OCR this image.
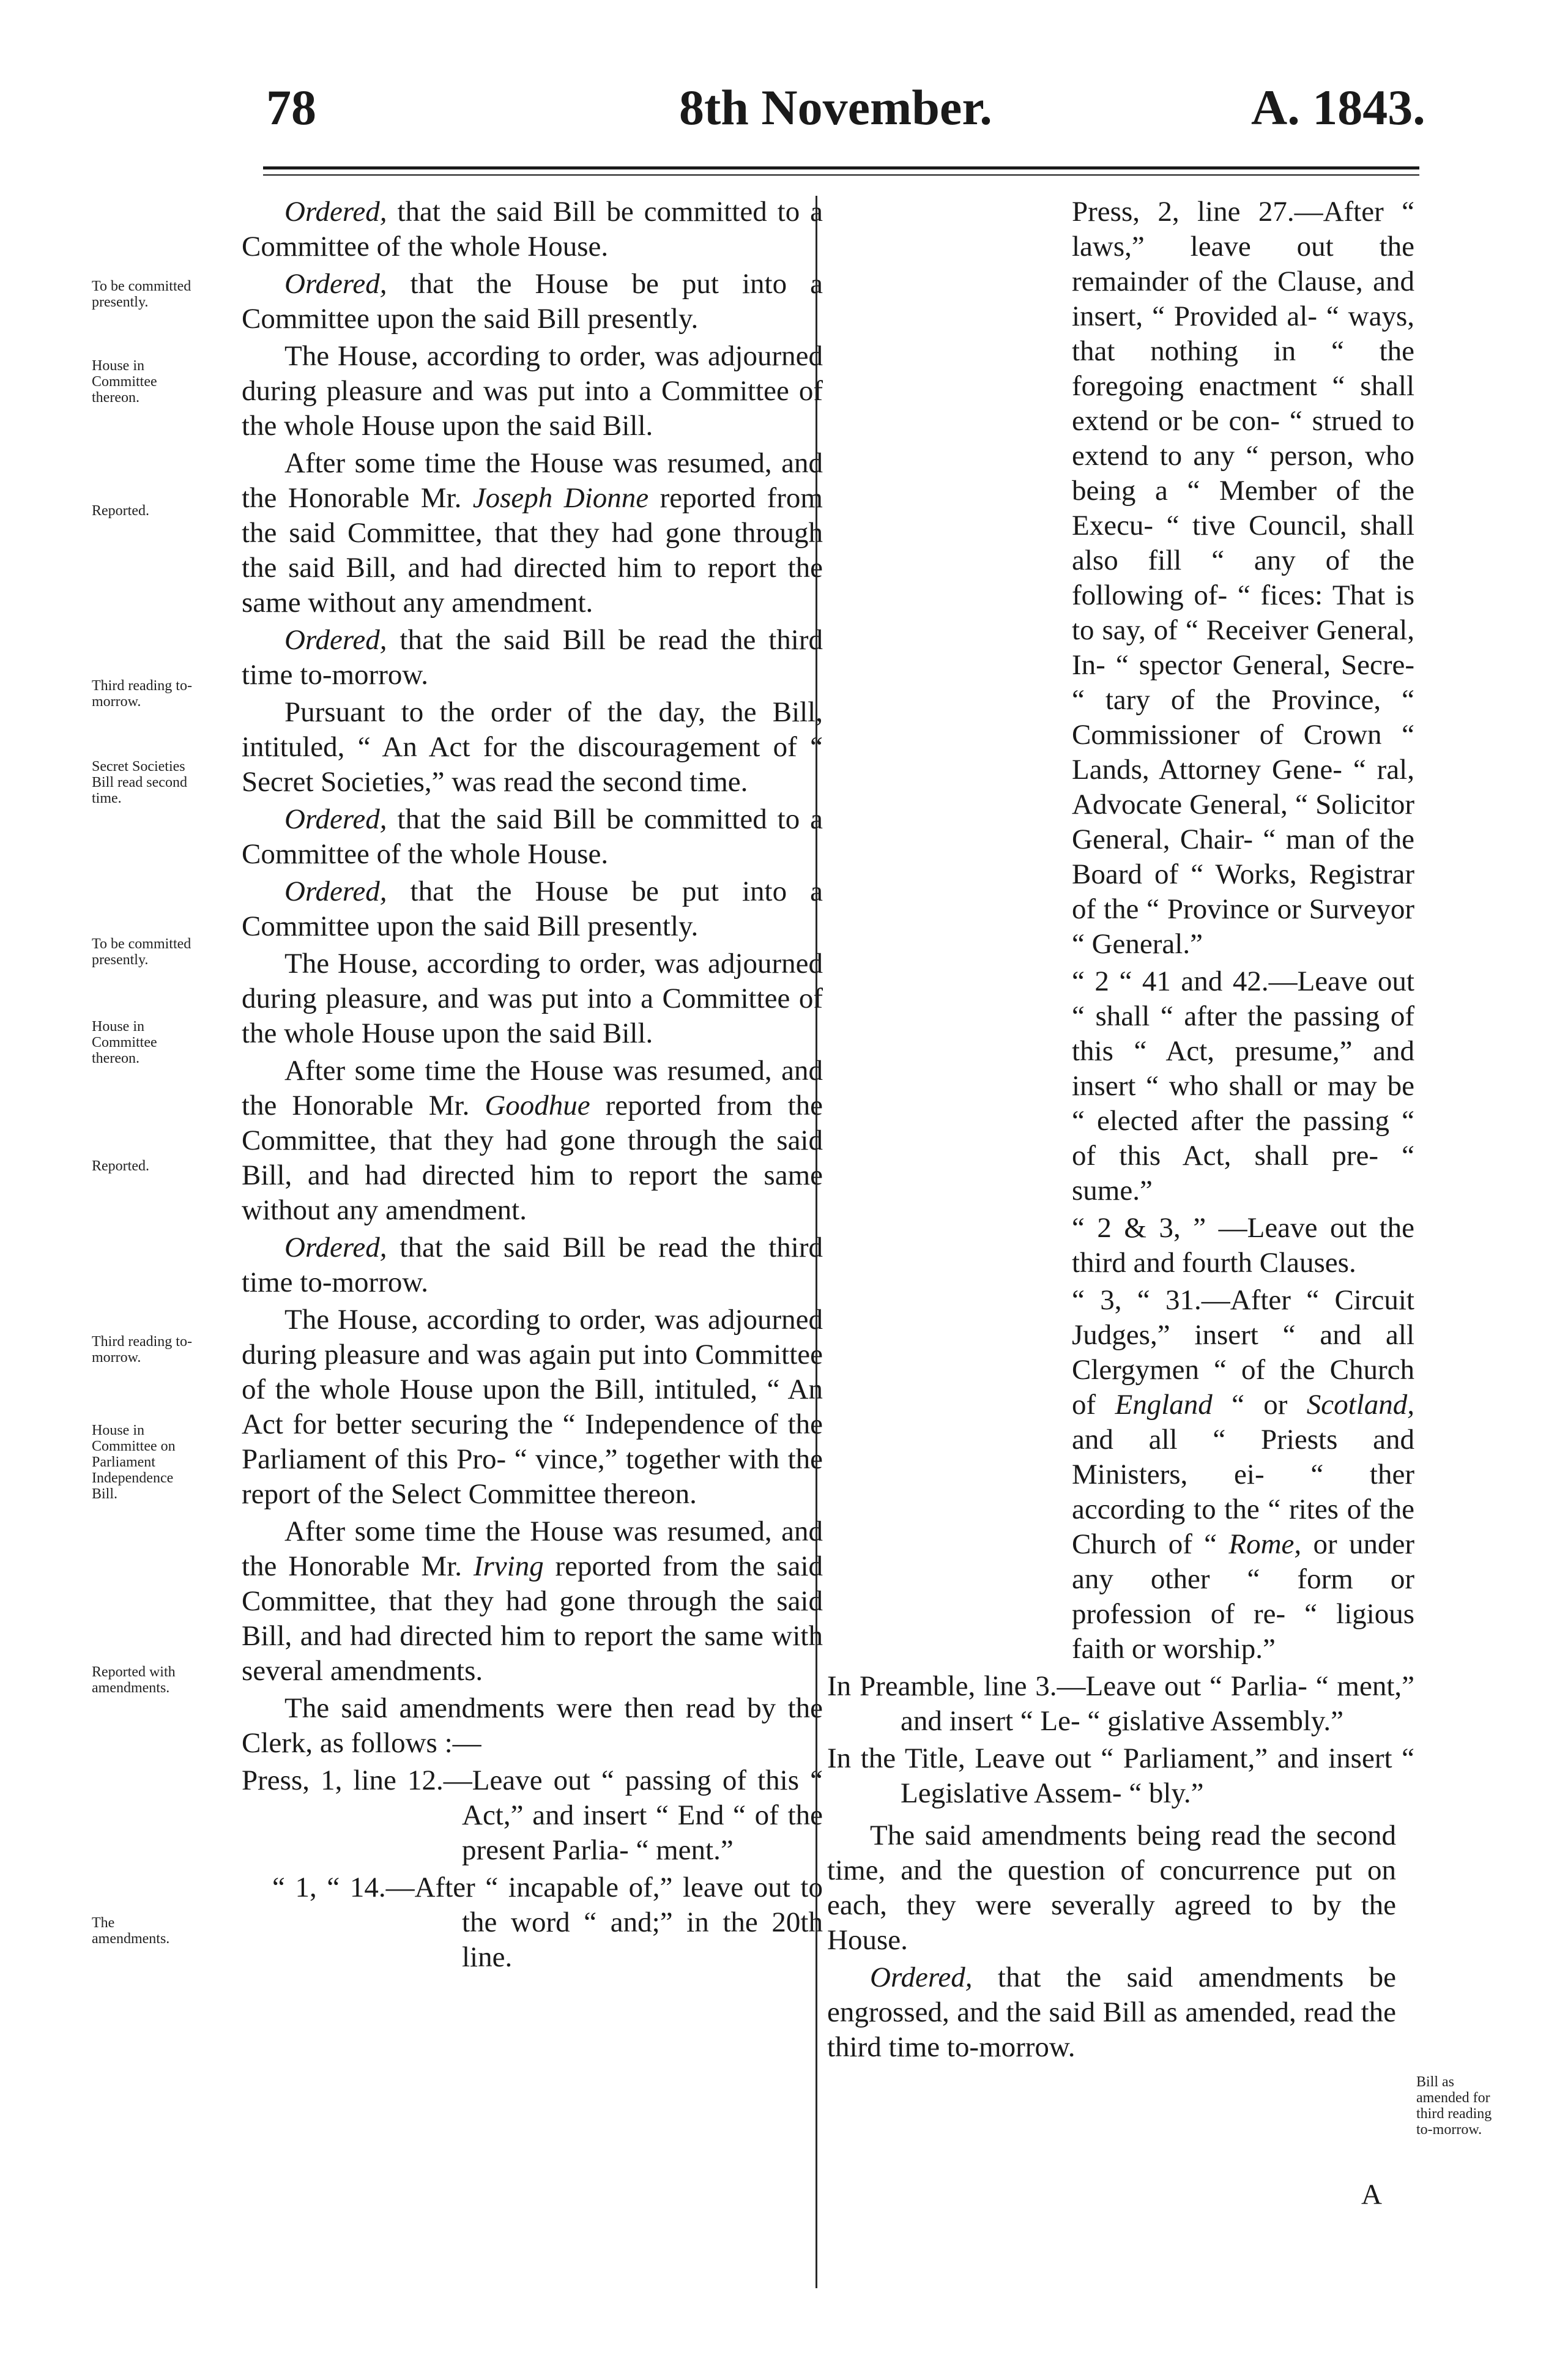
78	8th November.	A. 1843.
To be committed presently.
House in Committee thereon.
Reported.
Third reading to-morrow.
Secret Societies Bill read second time.
To be committed presently.
House in Committee thereon.
Reported.
Third reading to-morrow.
House in Committee on Parliament Independence Bill.
Reported with amendments.
The amendments.
Bill as amended for third reading to-morrow.

Ordered, that the said Bill be committed to a Committee of the whole House.

Ordered, that the House be put into a Committee upon the said Bill presently.

The House, according to order, was adjourned during pleasure and was put into a Committee of the whole House upon the said Bill.

After some time the House was resumed, and the Honorable Mr. Joseph Dionne reported from the said Committee, that they had gone through the said Bill, and had directed him to report the same without any amendment.

Ordered, that the said Bill be read the third time to-morrow.

Pursuant to the order of the day, the Bill, intituled, “ An Act for the discouragement of “ Secret Societies,” was read the second time.

Ordered, that the said Bill be committed to a Committee of the whole House.

Ordered, that the House be put into a Committee upon the said Bill presently.

The House, according to order, was adjourned during pleasure, and was put into a Committee of the whole House upon the said Bill.

After some time the House was resumed, and the Honorable Mr. Goodhue reported from the Committee, that they had gone through the said Bill, and had directed him to report the same without any amendment.

Ordered, that the said Bill be read the third time to-morrow.

The House, according to order, was adjourned during pleasure and was again put into Committee of the whole House upon the Bill, intituled, “ An Act for better securing the “ Independence of the Parliament of this Pro- “ vince,” together with the report of the Select Committee thereon.

After some time the House was resumed, and the Honorable Mr. Irving reported from the said Committee, that they had gone through the said Bill, and had directed him to report the same with several amendments.

The said amendments were then read by the Clerk, as follows :—

Press, 1, line 12.—Leave out “ passing of this “ Act,” and insert “ End “ of the present Parlia- “ ment.”

“ 1, “ 14.—After “ incapable of,” leave out to the word “ and;” in the 20th line.

Press, 2, line 27.—After “ laws,” leave out the remainder of the Clause, and insert, “ Provided al- “ ways, that nothing in “ the foregoing enactment “ shall extend or be con- “ strued to extend to any “ person, who being a “ Member of the Execu- “ tive Council, shall also fill “ any of the following of- “ fices: That is to say, of “ Receiver General, In- “ spector General, Secre- “ tary of the Province, “ Commissioner of Crown “ Lands, Attorney Gene- “ ral, Advocate General, “ Solicitor General, Chair- “ man of the Board of “ Works, Registrar of the “ Province or Surveyor “ General.”

“ 2 “ 41 and 42.—Leave out “ shall “ after the passing of this “ Act, presume,” and insert “ who shall or may be “ elected after the passing “ of this Act, shall pre- “ sume.”

“ 2 & 3, ” —Leave out the third and fourth Clauses.

“ 3, “ 31.—After “ Circuit Judges,” insert “ and all Clergymen “ of the Church of England “ or Scotland, and all “ Priests and Ministers, ei- “ ther according to the “ rites of the Church of “ Rome, or under any other “ form or profession of re- “ ligious faith or worship.”

In Preamble, line 3.—Leave out “ Parlia- “ ment,” and insert “ Le- “ gislative Assembly.”

In the Title, Leave out “ Parliament,” and insert “ Legislative Assem- “ bly.”

The said amendments being read the second time, and the question of concurrence put on each, they were severally agreed to by the House.

Ordered, that the said amendments be engrossed, and the said Bill as amended, read the third time to-morrow.

A
